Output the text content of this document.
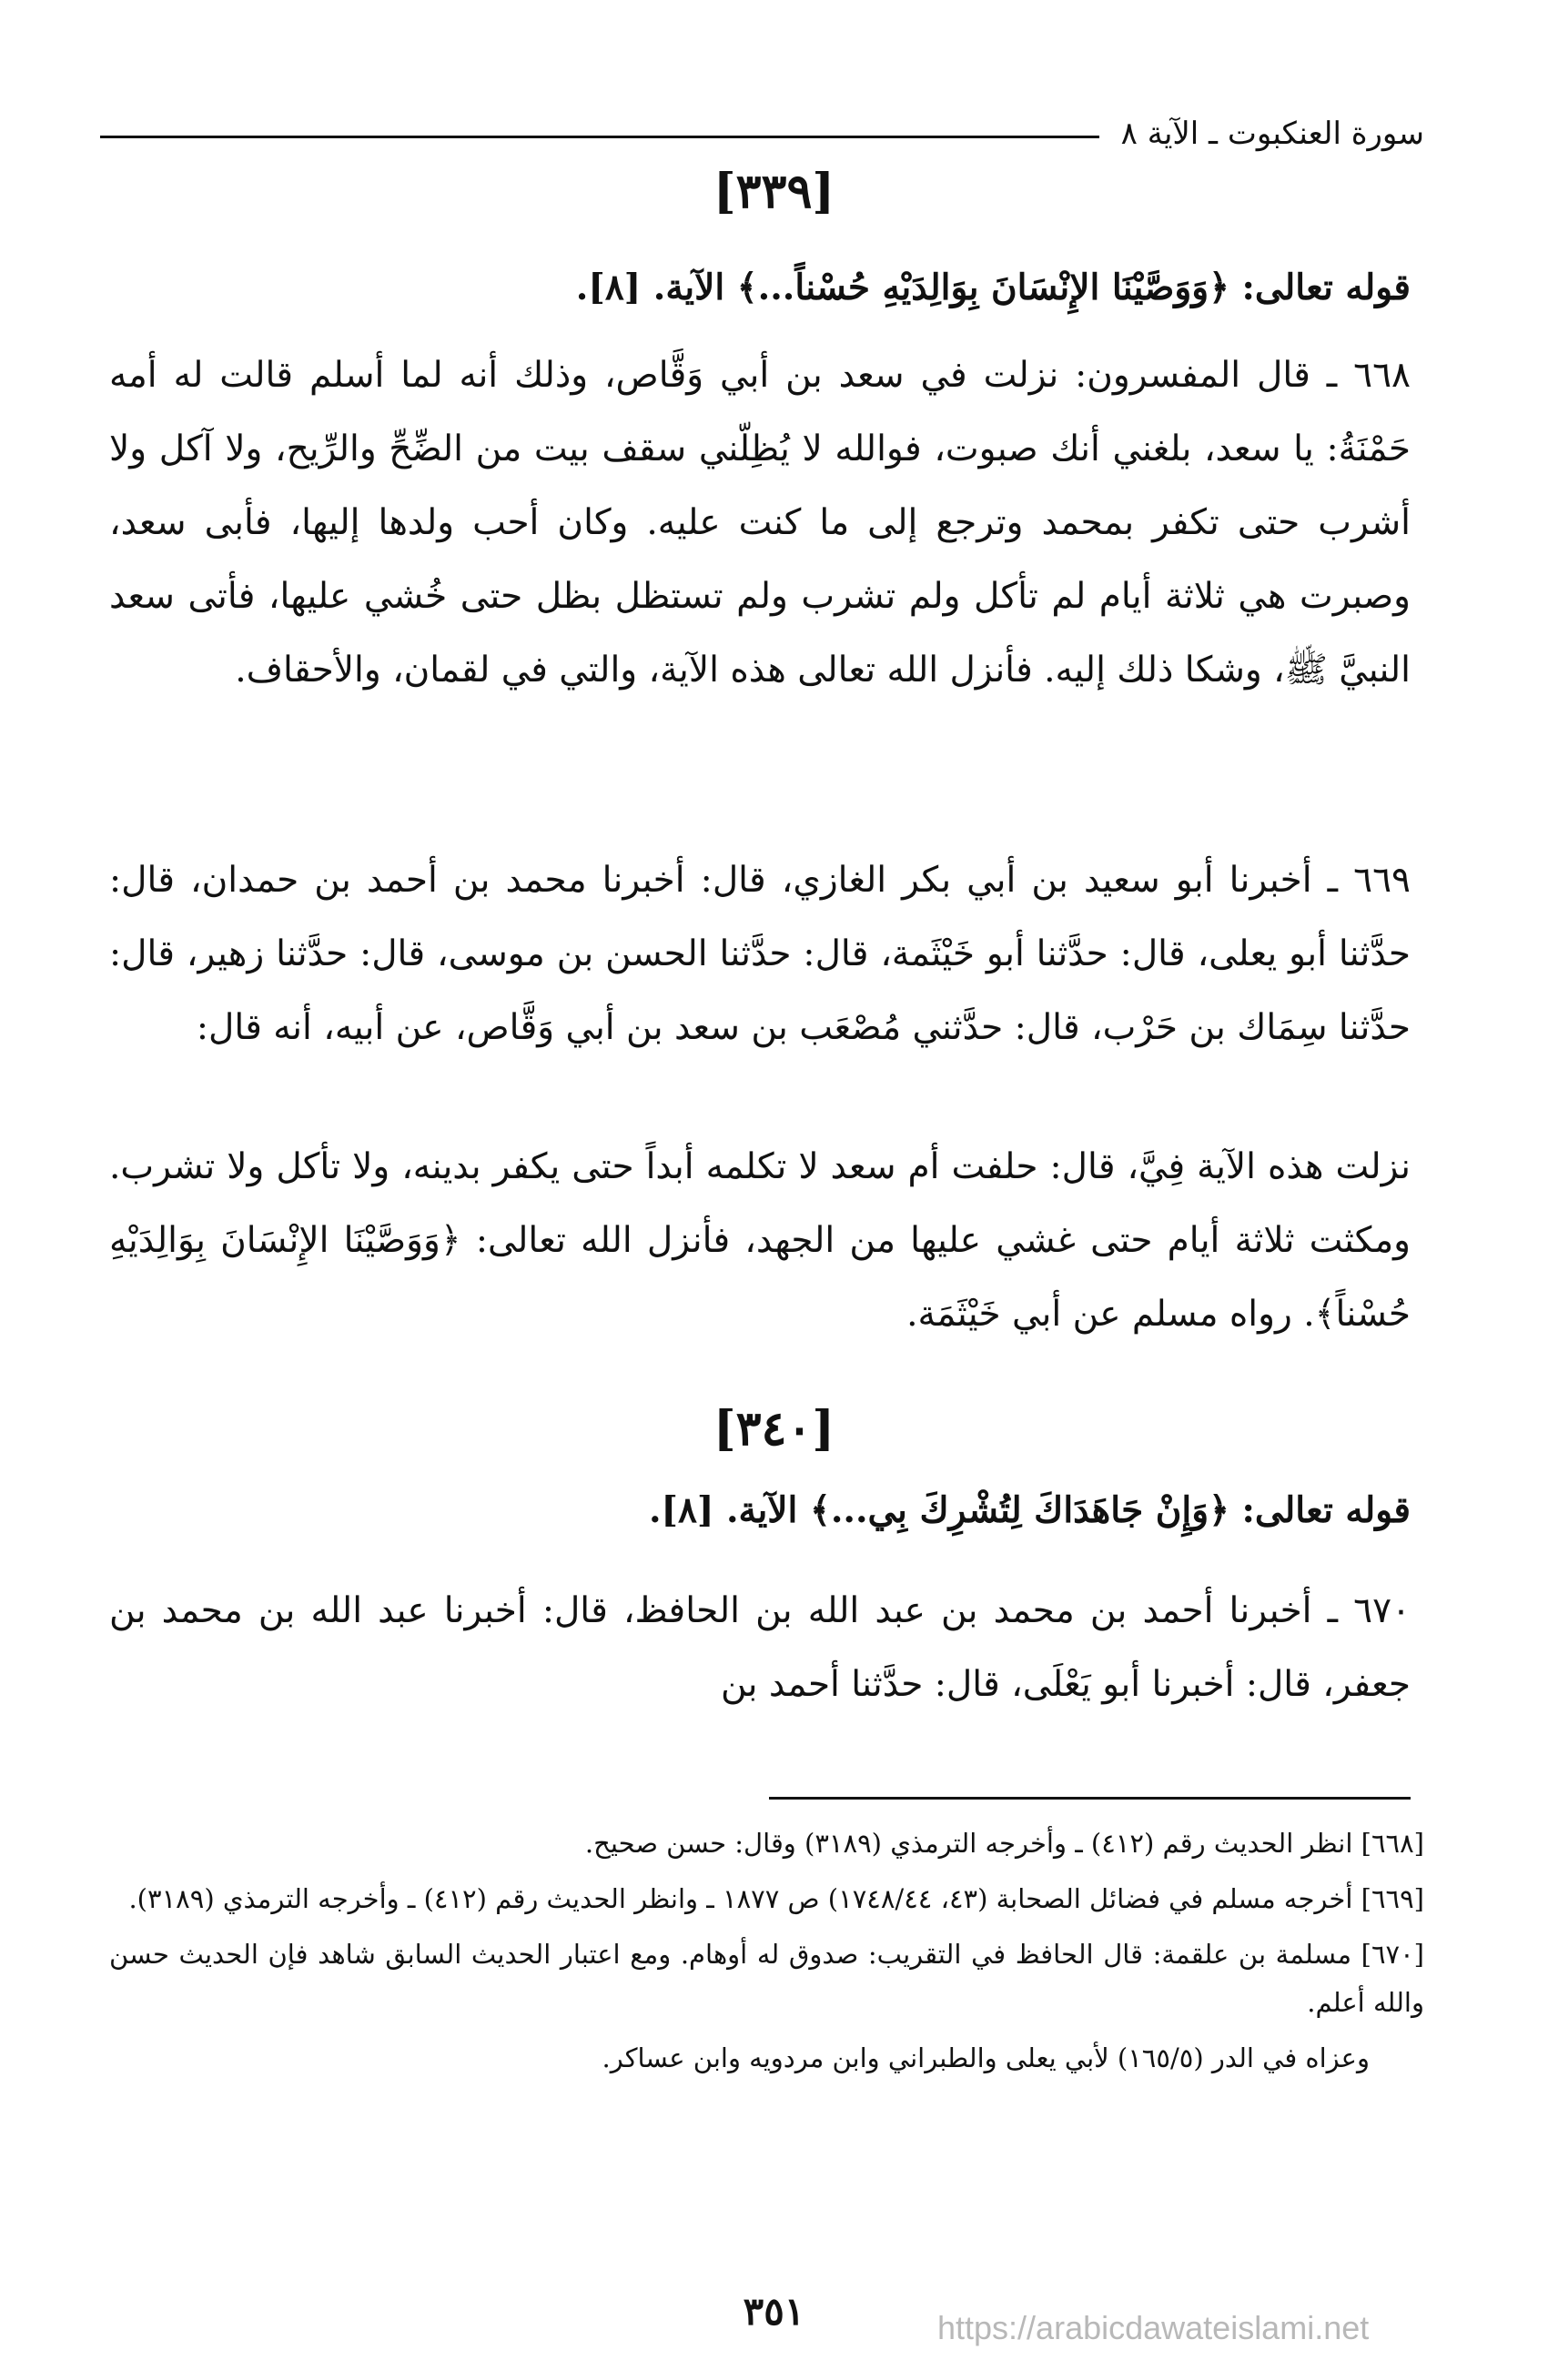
سورة العنكبوت ـ الآية ٨
[٣٣٩]

قوله تعالى: ﴿وَوَصَّيْنَا الإِنْسَانَ بِوَالِدَيْهِ حُسْناً...﴾ الآية. [٨].

٦٦٨ ـ قال المفسرون: نزلت في سعد بن أبي وَقَّاص، وذلك أنه لما أسلم قالت له أمه حَمْنَةُ: يا سعد، بلغني أنك صبوت، فوالله لا يُظِلّني سقف بيت من الضِّحِّ والرِّيح، ولا آكل ولا أشرب حتى تكفر بمحمد وترجع إلى ما كنت عليه. وكان أحب ولدها إليها، فأبى سعد، وصبرت هي ثلاثة أيام لم تأكل ولم تشرب ولم تستظل بظل حتى خُشي عليها، فأتى سعد النبيَّ ﷺ، وشكا ذلك إليه. فأنزل الله تعالى هذه الآية، والتي في لقمان، والأحقاف.

٦٦٩ ـ أخبرنا أبو سعيد بن أبي بكر الغازي، قال: أخبرنا محمد بن أحمد بن حمدان، قال: حدَّثنا أبو يعلى، قال: حدَّثنا أبو خَيْثَمة، قال: حدَّثنا الحسن بن موسى، قال: حدَّثنا زهير، قال: حدَّثنا سِمَاك بن حَرْب، قال: حدَّثني مُصْعَب بن سعد بن أبي وَقَّاص، عن أبيه، أنه قال:

نزلت هذه الآية فِيَّ، قال: حلفت أم سعد لا تكلمه أبداً حتى يكفر بدينه، ولا تأكل ولا تشرب. ومكثت ثلاثة أيام حتى غشي عليها من الجهد، فأنزل الله تعالى: ﴿وَوَصَّيْنَا الإِنْسَانَ بِوَالِدَيْهِ حُسْناً﴾. رواه مسلم عن أبي خَيْثَمَة.

[٣٤٠]

قوله تعالى: ﴿وَإِنْ جَاهَدَاكَ لِتُشْرِكَ بِي...﴾ الآية. [٨].

٦٧٠ ـ أخبرنا أحمد بن محمد بن عبد الله بن الحافظ، قال: أخبرنا عبد الله بن محمد بن جعفر، قال: أخبرنا أبو يَعْلَى، قال: حدَّثنا أحمد بن

[٦٦٨] انظر الحديث رقم (٤١٢) ـ وأخرجه الترمذي (٣١٨٩) وقال: حسن صحيح.

[٦٦٩] أخرجه مسلم في فضائل الصحابة (٤٣، ١٧٤٨/٤٤) ص ١٨٧٧ ـ وانظر الحديث رقم (٤١٢) ـ وأخرجه الترمذي (٣١٨٩).

[٦٧٠] مسلمة بن علقمة: قال الحافظ في التقريب: صدوق له أوهام. ومع اعتبار الحديث السابق شاهد فإن الحديث حسن والله أعلم.

وعزاه في الدر (١٦٥/٥) لأبي يعلى والطبراني وابن مردويه وابن عساكر.

٣٥١	https://arabicdawateislami.net
